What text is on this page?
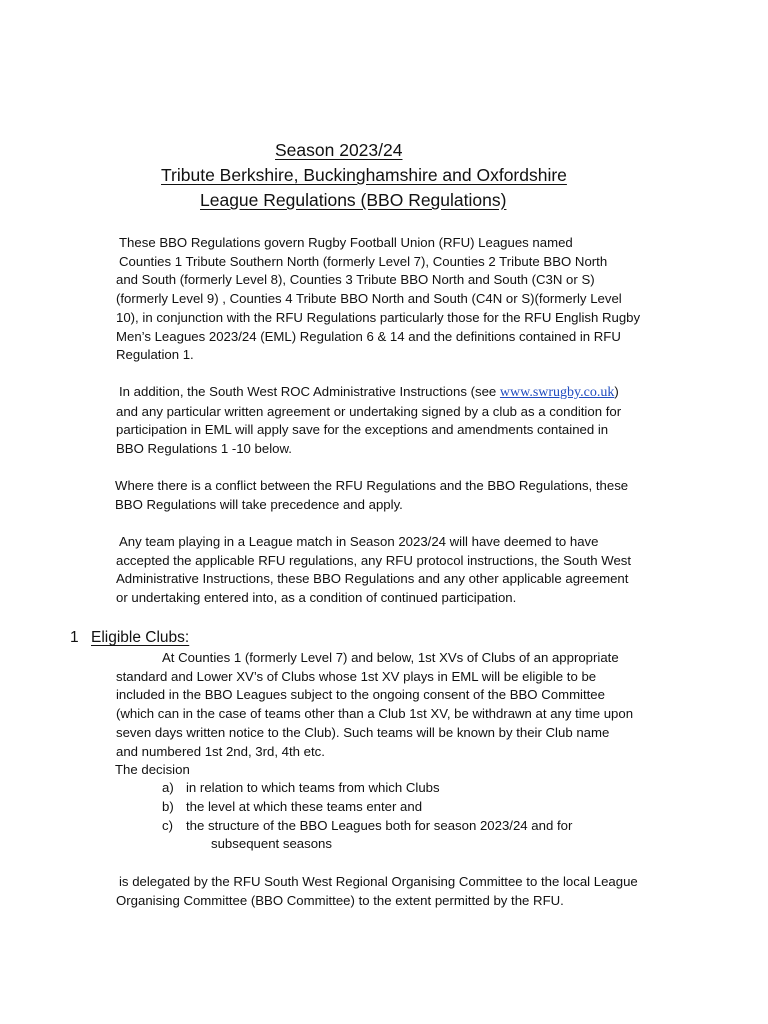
Season 2023/24
Tribute Berkshire, Buckinghamshire and Oxfordshire
League Regulations (BBO Regulations)
These BBO Regulations govern Rugby Football Union (RFU) Leagues named
Counties 1 Tribute Southern North (formerly Level 7), Counties 2 Tribute BBO North
and South (formerly Level 8), Counties 3 Tribute BBO North and South (C3N or S)
(formerly Level 9) , Counties 4 Tribute BBO North and South (C4N or S)(formerly Level
10), in conjunction with the RFU Regulations particularly those for the RFU English Rugby
Men’s Leagues 2023/24 (EML) Regulation 6 & 14 and the definitions contained in RFU
Regulation 1.
In addition, the South West ROC Administrative Instructions (see www.swrugby.co.uk)
and any particular written agreement or undertaking signed by a club as a condition for
participation in EML will apply save for the exceptions and amendments contained in
BBO Regulations 1 -10 below.
Where there is a conflict between the RFU Regulations and the BBO Regulations, these
BBO Regulations will take precedence and apply.
Any team playing in a League match in Season 2023/24 will have deemed to have
accepted the applicable RFU regulations, any RFU protocol instructions, the South West
Administrative Instructions, these BBO Regulations and any other applicable agreement
or undertaking entered into, as a condition of continued participation.
1 Eligible Clubs:
At Counties 1 (formerly Level 7) and below, 1st XVs of Clubs of an appropriate
standard and Lower XV’s of Clubs whose 1st XV plays in EML will be eligible to be
included in the BBO Leagues subject to the ongoing consent of the BBO Committee
(which can in the case of teams other than a Club 1st XV, be withdrawn at any time upon
seven days written notice to the Club). Such teams will be known by their Club name
and numbered 1st 2nd, 3rd, 4th etc.
The decision
a) in relation to which teams from which Clubs
b) the level at which these teams enter and
c) the structure of the BBO Leagues both for season 2023/24 and for
subsequent seasons
is delegated by the RFU South West Regional Organising Committee to the local League
Organising Committee (BBO Committee) to the extent permitted by the RFU.
